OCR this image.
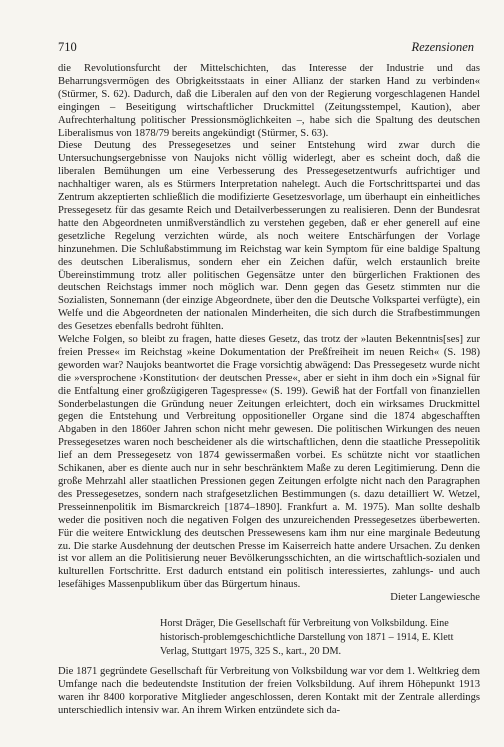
710	Rezensionen

die Revolutionsfurcht der Mittelschichten, das Interesse der Industrie und das Beharrungsvermögen des Obrigkeitsstaats in einer Allianz der starken Hand zu verbinden« (Stürmer, S. 62). Dadurch, daß die Liberalen auf den von der Regierung vorgeschlagenen Handel eingingen – Beseitigung wirtschaftlicher Druckmittel (Zeitungsstempel, Kaution), aber Aufrechterhaltung politischer Pressionsmöglichkeiten –, habe sich die Spaltung des deutschen Liberalismus von 1878/79 bereits angekündigt (Stürmer, S. 63).

Diese Deutung des Pressegesetzes und seiner Entstehung wird zwar durch die Untersuchungsergebnisse von Naujoks nicht völlig widerlegt, aber es scheint doch, daß die liberalen Bemühungen um eine Verbesserung des Pressegesetzentwurfs aufrichtiger und nachhaltiger waren, als es Stürmers Interpretation nahelegt. Auch die Fortschrittspartei und das Zentrum akzeptierten schließlich die modifizierte Gesetzesvorlage, um überhaupt ein einheitliches Pressegesetz für das gesamte Reich und Detailverbesserungen zu realisieren. Denn der Bundesrat hatte den Abgeordneten unmißverständlich zu verstehen gegeben, daß er eher generell auf eine gesetzliche Regelung verzichten würde, als noch weitere Entschärfungen der Vorlage hinzunehmen. Die Schlußabstimmung im Reichstag war kein Symptom für eine baldige Spaltung des deutschen Liberalismus, sondern eher ein Zeichen dafür, welch erstaunlich breite Übereinstimmung trotz aller politischen Gegensätze unter den bürgerlichen Fraktionen des deutschen Reichstags immer noch möglich war. Denn gegen das Gesetz stimmten nur die Sozialisten, Sonnemann (der einzige Abgeordnete, über den die Deutsche Volkspartei verfügte), ein Welfe und die Abgeordneten der nationalen Minderheiten, die sich durch die Strafbestimmungen des Gesetzes ebenfalls bedroht fühlten.

Welche Folgen, so bleibt zu fragen, hatte dieses Gesetz, das trotz der »lauten Bekenntnis[ses] zur freien Presse« im Reichstag »keine Dokumentation der Preßfreiheit im neuen Reich« (S. 198) geworden war? Naujoks beantwortet die Frage vorsichtig abwägend: Das Pressegesetz wurde nicht die »versprochene ›Konstitution‹ der deutschen Presse«, aber er sieht in ihm doch ein »Signal für die Entfaltung einer großzügigeren Tagespresse« (S. 199). Gewiß hat der Fortfall von finanziellen Sonderbelastungen die Gründung neuer Zeitungen erleichtert, doch ein wirksames Druckmittel gegen die Entstehung und Verbreitung oppositioneller Organe sind die 1874 abgeschafften Abgaben in den 1860er Jahren schon nicht mehr gewesen. Die politischen Wirkungen des neuen Pressegesetzes waren noch bescheidener als die wirtschaftlichen, denn die staatliche Pressepolitik lief an dem Pressegesetz von 1874 gewissermaßen vorbei. Es schützte nicht vor staatlichen Schikanen, aber es diente auch nur in sehr beschränktem Maße zu deren Legitimierung. Denn die große Mehrzahl aller staatlichen Pressionen gegen Zeitungen erfolgte nicht nach den Paragraphen des Pressegesetzes, sondern nach strafgesetzlichen Bestimmungen (s. dazu detailliert W. Wetzel, Presseinnenpolitik im Bismarckreich [1874–1890]. Frankfurt a. M. 1975). Man sollte deshalb weder die positiven noch die negativen Folgen des unzureichenden Pressegesetzes überbewerten. Für die weitere Entwicklung des deutschen Pressewesens kam ihm nur eine marginale Bedeutung zu. Die starke Ausdehnung der deutschen Presse im Kaiserreich hatte andere Ursachen. Zu denken ist vor allem an die Politisierung neuer Bevölkerungsschichten, an die wirtschaftlich-sozialen und kulturellen Fortschritte. Erst dadurch entstand ein politisch interessiertes, zahlungs- und auch lesefähiges Massenpublikum über das Bürgertum hinaus.

Dieter Langewiesche

Horst Dräger, Die Gesellschaft für Verbreitung von Volksbildung. Eine historisch-problemgeschichtliche Darstellung von 1871 – 1914, E. Klett Verlag, Stuttgart 1975, 325 S., kart., 20 DM.

Die 1871 gegründete Gesellschaft für Verbreitung von Volksbildung war vor dem 1. Weltkrieg dem Umfange nach die bedeutendste Institution der freien Volksbildung. Auf ihrem Höhepunkt 1913 waren ihr 8400 korporative Mitglieder angeschlossen, deren Kontakt mit der Zentrale allerdings unterschiedlich intensiv war. An ihrem Wirken entzündete sich da-
